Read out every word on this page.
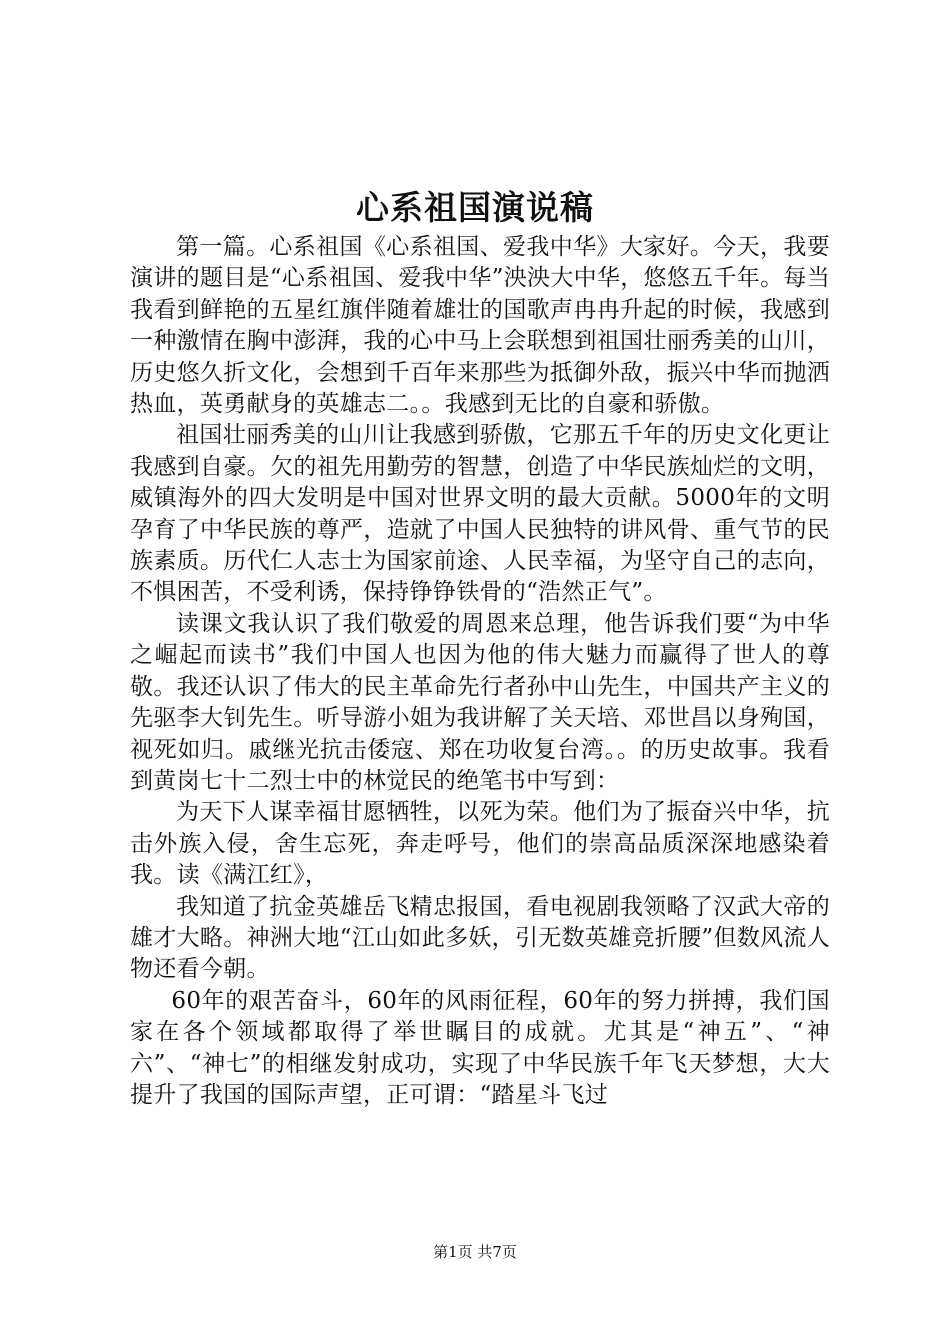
心系祖国演说稿

第一篇。心系祖国《心系祖国、爱我中华》大家好。今天，我要演讲的题目是“心系祖国、爱我中华”泱泱大中华，悠悠五千年。每当我看到鲜艳的五星红旗伴随着雄壮的国歌声冉冉升起的时候，我感到一种激情在胸中澎湃，我的心中马上会联想到祖国壮丽秀美的山川，历史悠久折文化，会想到千百年来那些为抵御外敌，振兴中华而抛洒热血，英勇献身的英雄志二。。我感到无比的自豪和骄傲。

祖国壮丽秀美的山川让我感到骄傲，它那五千年的历史文化更让我感到自豪。欠的祖先用勤劳的智慧，创造了中华民族灿烂的文明，威镇海外的四大发明是中国对世界文明的最大贡献。5000年的文明孕育了中华民族的尊严，造就了中国人民独特的讲风骨、重气节的民族素质。历代仁人志士为国家前途、人民幸福，为坚守自己的志向，不惧困苦，不受利诱，保持铮铮铁骨的“浩然正气”。

读课文我认识了我们敬爱的周恩来总理，他告诉我们要“为中华之崛起而读书”我们中国人也因为他的伟大魅力而赢得了世人的尊敬。我还认识了伟大的民主革命先行者孙中山先生，中国共产主义的先驱李大钊先生。听导游小姐为我讲解了关天培、邓世昌以身殉国，视死如归。戚继光抗击倭寇、郑在功收复台湾。。的历史故事。我看到黄岗七十二烈士中的林觉民的绝笔书中写到：

为天下人谋幸福甘愿牺牲，以死为荣。他们为了振奋兴中华，抗击外族入侵，舍生忘死，奔走呼号，他们的崇高品质深深地感染着我。读《满江红》，

我知道了抗金英雄岳飞精忠报国，看电视剧我领略了汉武大帝的雄才大略。神洲大地“江山如此多妖，引无数英雄竞折腰”但数风流人物还看今朝。

60年的艰苦奋斗，60年的风雨征程，60年的努力拼搏，我们国家在各个领域都取得了举世瞩目的成就。尤其是“神五”、“神六”、“神七”的相继发射成功，实现了中华民族千年飞天梦想，大大提升了我国的国际声望，正可谓：“踏星斗飞过

第1页 共7页
